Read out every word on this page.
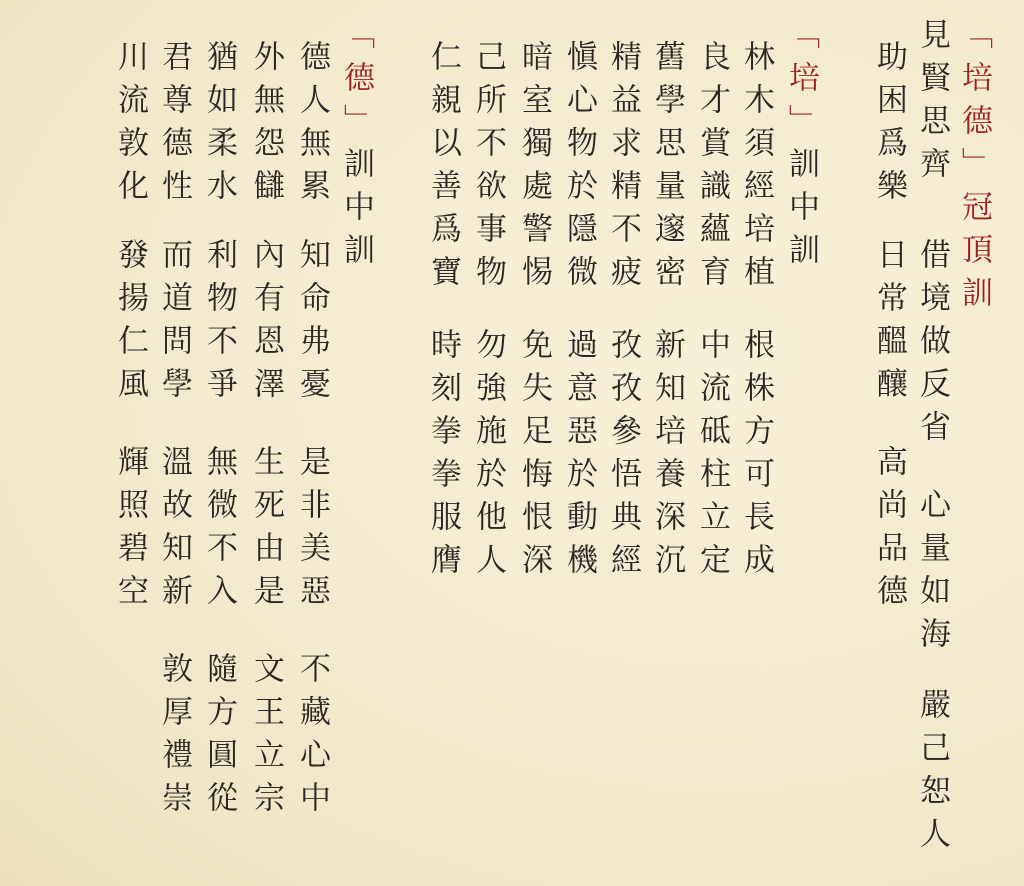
「培德」冠頂訓
見賢思齊
借境做反省
心量如海
嚴己恕人
助困爲樂
日常醞釀
高尚品德
「培」訓中訓
林木須經培植
根株方可長成
良才賞識蘊育
中流砥柱立定
舊學思量邃密
新知培養深沉
精益求精不疲
孜孜參悟典經
愼心物於隱微
過意惡於動機
暗室獨處警惕
免失足悔恨深
己所不欲事物
勿強施於他人
仁親以善爲寶
時刻拳拳服膺
「德」訓中訓
德人無累
知命弗憂
是非美惡
不藏心中
外無怨讎
內有恩澤
生死由是
文王立宗
猶如柔水
利物不爭
無微不入
隨方圓從
君尊德性
而道問學
溫故知新
敦厚禮崇
川流敦化
發揚仁風
輝照碧空
